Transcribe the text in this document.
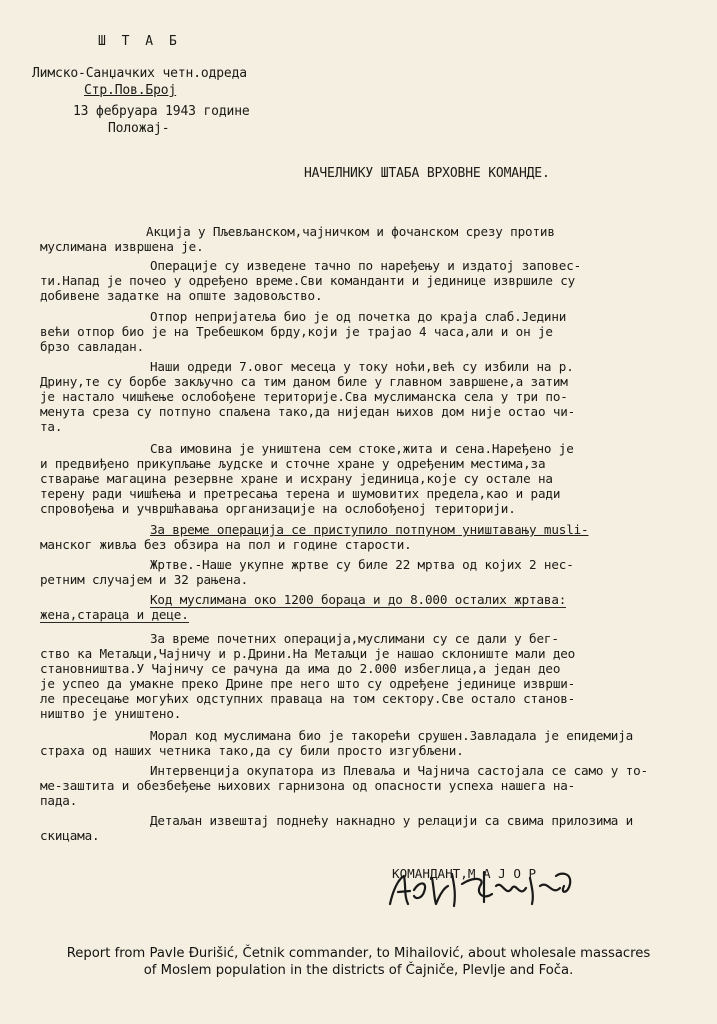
Ш Т А Б
Лимско-Санџачких четн.одреда
Стр.Пов.Број
13 фебруара 1943 године
Положај-
НАЧЕЛНИКУ ШТАБА ВРХОВНЕ КОМАНДЕ.
Акција у Пљевљанском,чајничком и фочанском срезу против
муслимана извршена је.
Операције су изведене тачно по наређењу и издатој заповес-
ти.Напад је почео у одређено време.Сви команданти и јединице извршиле су
добивене задатке на опште задовољство.
Отпор непријатеља био је од почетка до краја слаб.Једини
већи отпор био је на Требешком брду,који је трајао 4 часа,али и он је
брзо савладан.
Наши одреди 7.овог месеца у току ноћи,већ су избили на р.
Дрину,те су борбе закључно са тим даном биле у главном завршене,а затим
је настало чишћење ослобођене територије.Сва муслиманска села у три по-
менута среза су потпуно спаљена тако,да ниједан њихов дом није остао чи-
та.
Сва имовина је уништена сем стоке,жита и сена.Наређено је
и предвиђено прикупљање људске и сточне хране у одређеним местима,за
стварање магацина резервне хране и исхрану јединица,које су остале на
терену ради чишћења и претресања терена и шумовитих предела,као и ради
спровођења и учвршћавања организације на ослобођеној територији.
За време операција се приступило потпуном уништавању musli-
манског живља без обзира на пол и године старости.
Жртве.-Наше укупне жртве су биле 22 мртва од којих 2 нес-
ретним случајем и 32 рањена.
Код муслимана око 1200 бораца и до 8.000 осталих жртава:
жена,стараца и деце.
За време почетних операција,муслимани су се дали у бег-
ство ка Метаљци,Чајничу и р.Дрини.На Метаљци је нашао склониште мали део
становништва.У Чајничу се рачуна да има до 2.000 избеглица,а један део
је успео да умакне преко Дрине пре него што су одређене јединице изврши-
ле пресецање могућих одступних праваца на том сектору.Све остало станов-
ништво је уништено.
Морал код муслимана био је такорећи срушен.Завладала је епидемија
страха од наших четника тако,да су били просто изгубљени.
Интервенција окупатора из Плеваља и Чајнича састојала се само у то-
ме-заштита и обезбеђење њихових гарнизона од опасности успеха нашега на-
пада.
Детаљан извештај поднећу накнадно у релацији са свима прилозима и
скицама.
КОМАНДАНТ,М А Ј О Р
Report from Pavle Đurišić, Četnik commander, to Mihailović, about wholesale massacres
of Moslem population in the districts of Čajniče, Plevlje and Foča.
